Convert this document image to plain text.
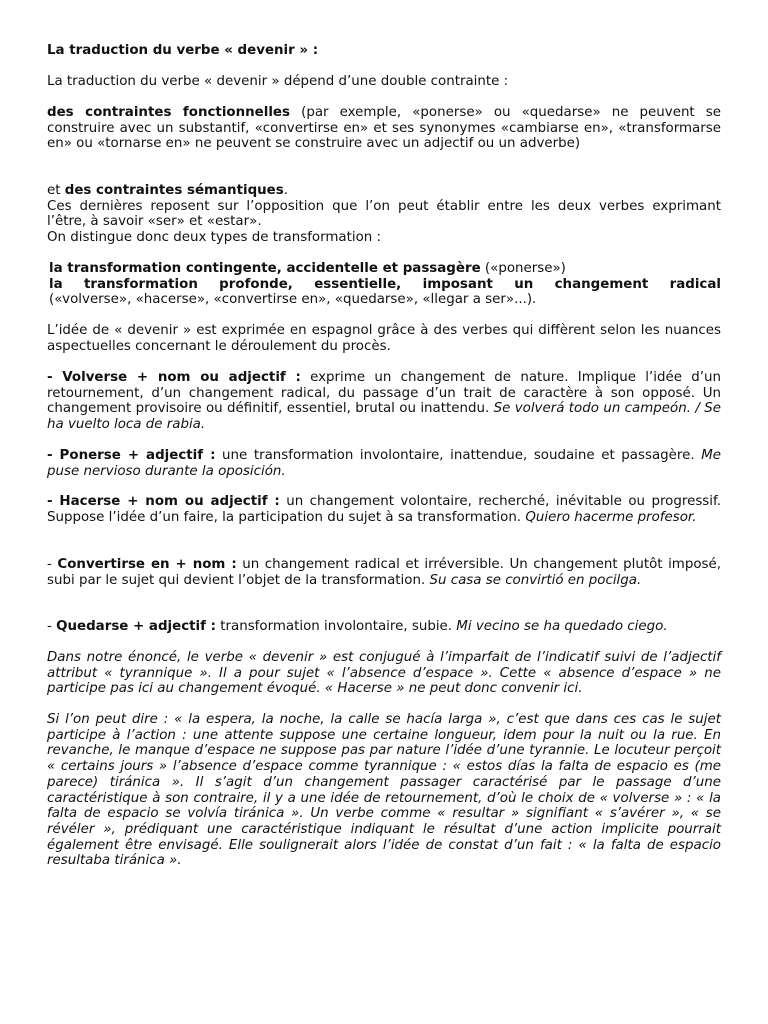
La traduction du verbe « devenir » :

La traduction du verbe « devenir » dépend d’une double contrainte :

des contraintes fonctionnelles (par exemple, «ponerse» ou «quedarse» ne peuvent se construire avec un substantif, «convertirse en» et ses synonymes «cambiarse en», «transformarse en» ou «tornarse en» ne peuvent se construire avec un adjectif ou un adverbe)

et des contraintes sémantiques.
Ces dernières reposent sur l’opposition que l’on peut établir entre les deux verbes exprimant
l’être, à savoir «ser» et «estar».
On distingue donc deux types de transformation :
la transformation contingente, accidentelle et passagère («ponerse»)
la transformation profonde, essentielle, imposant un changement radical
(«volverse», «hacerse», «convertirse en», «quedarse», «llegar a ser»...).

L’idée de « devenir » est exprimée en espagnol grâce à des verbes qui diffèrent selon les nuances aspectuelles concernant le déroulement du procès.

- Volverse + nom ou adjectif : exprime un changement de nature. Implique l’idée d’un retournement, d’un changement radical, du passage d’un trait de caractère à son opposé. Un changement provisoire ou définitif, essentiel, brutal ou inattendu. Se volverá todo un campeón. / Se ha vuelto loca de rabia.

- Ponerse + adjectif : une transformation involontaire, inattendue, soudaine et passagère. Me puse nervioso durante la oposición.

- Hacerse + nom ou adjectif : un changement volontaire, recherché, inévitable ou progressif. Suppose l’idée d’un faire, la participation du sujet à sa transformation. Quiero hacerme profesor.

- Convertirse en + nom : un changement radical et irréversible. Un changement plutôt imposé, subi par le sujet qui devient l’objet de la transformation. Su casa se convirtió en pocilga.

- Quedarse + adjectif : transformation involontaire, subie. Mi vecino se ha quedado ciego.

Dans notre énoncé, le verbe « devenir » est conjugué à l’imparfait de l’indicatif suivi de l’adjectif attribut « tyrannique ». Il a pour sujet « l’absence d’espace ». Cette « absence d’espace » ne participe pas ici au changement évoqué. « Hacerse » ne peut donc convenir ici.

Si l’on peut dire : « la espera, la noche, la calle se hacía larga », c’est que dans ces cas le sujet participe à l’action : une attente suppose une certaine longueur, idem pour la nuit ou la rue. En revanche, le manque d’espace ne suppose pas par nature l’idée d’une tyrannie. Le locuteur perçoit « certains jours » l’absence d’espace comme tyrannique : « estos días la falta de espacio es (me parece) tiránica ». Il s’agit d’un changement passager caractérisé par le passage d’une caractéristique à son contraire, il y a une idée de retournement, d’où le choix de « volverse » : « la falta de espacio se volvía tiránica ». Un verbe comme « resultar » signifiant « s’avérer », « se révéler », prédiquant une caractéristique indiquant le résultat d’une action implicite pourrait également être envisagé. Elle soulignerait alors l’idée de constat d’un fait : « la falta de espacio resultaba tiránica ».
